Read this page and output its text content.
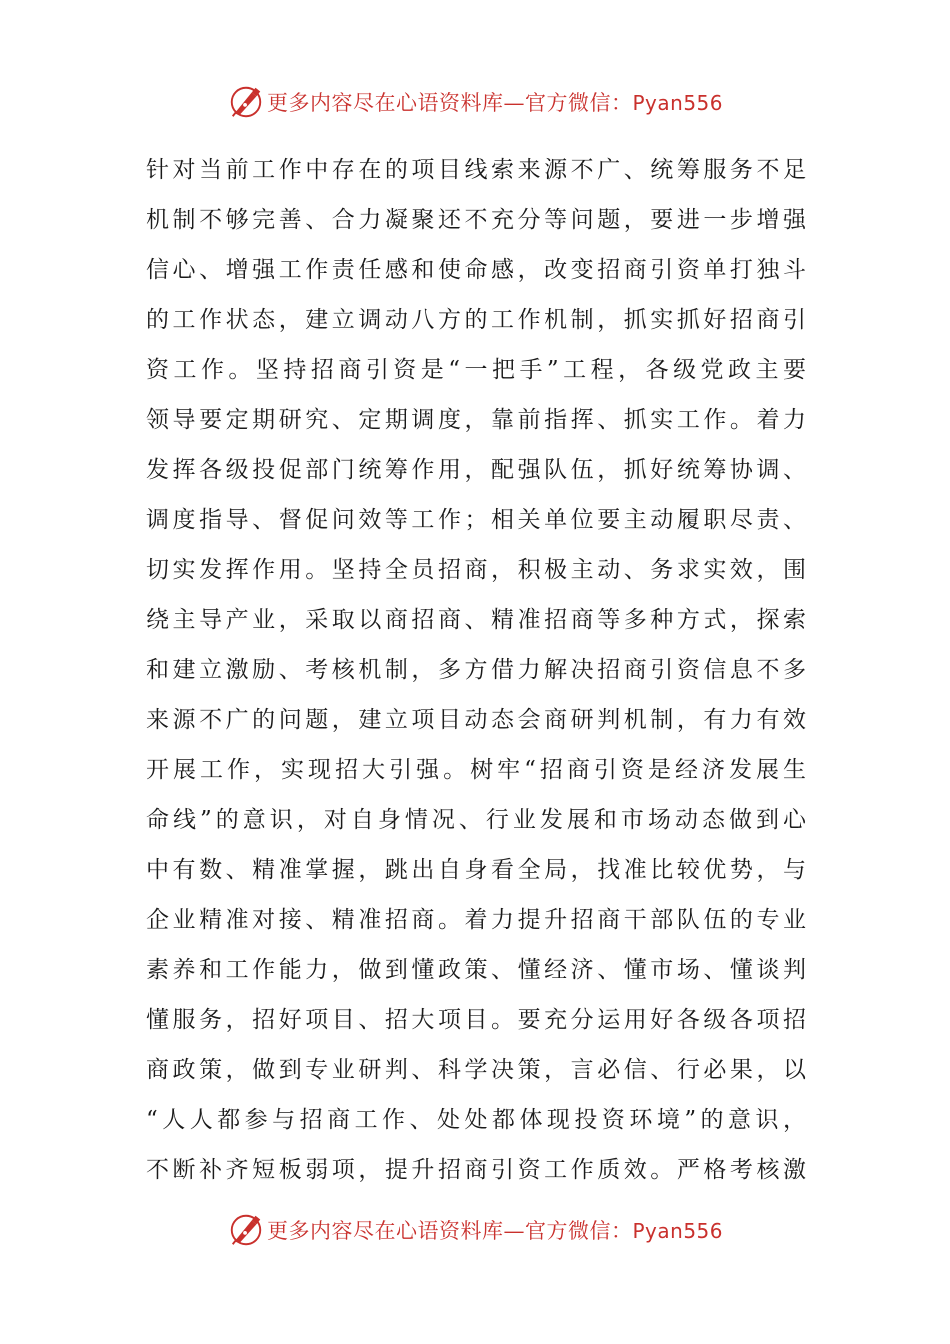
更多内容尽在心语资料库—官方微信：Pyan556
针对当前工作中存在的项目线索来源不广、统筹服务不足
机制不够完善、合力凝聚还不充分等问题，要进一步增强
信心、增强工作责任感和使命感，改变招商引资单打独斗
的工作状态，建立调动八方的工作机制，抓实抓好招商引
资工作。坚持招商引资是“一把手”工程，各级党政主要
领导要定期研究、定期调度，靠前指挥、抓实工作。着力
发挥各级投促部门统筹作用，配强队伍，抓好统筹协调、
调度指导、督促问效等工作；相关单位要主动履职尽责、
切实发挥作用。坚持全员招商，积极主动、务求实效，围
绕主导产业，采取以商招商、精准招商等多种方式，探索
和建立激励、考核机制，多方借力解决招商引资信息不多
来源不广的问题，建立项目动态会商研判机制，有力有效
开展工作，实现招大引强。树牢“招商引资是经济发展生
命线”的意识，对自身情况、行业发展和市场动态做到心
中有数、精准掌握，跳出自身看全局，找准比较优势，与
企业精准对接、精准招商。着力提升招商干部队伍的专业
素养和工作能力，做到懂政策、懂经济、懂市场、懂谈判
懂服务，招好项目、招大项目。要充分运用好各级各项招
商政策，做到专业研判、科学决策，言必信、行必果，以
“人人都参与招商工作、处处都体现投资环境”的意识，
不断补齐短板弱项，提升招商引资工作质效。严格考核激
更多内容尽在心语资料库—官方微信：Pyan556
